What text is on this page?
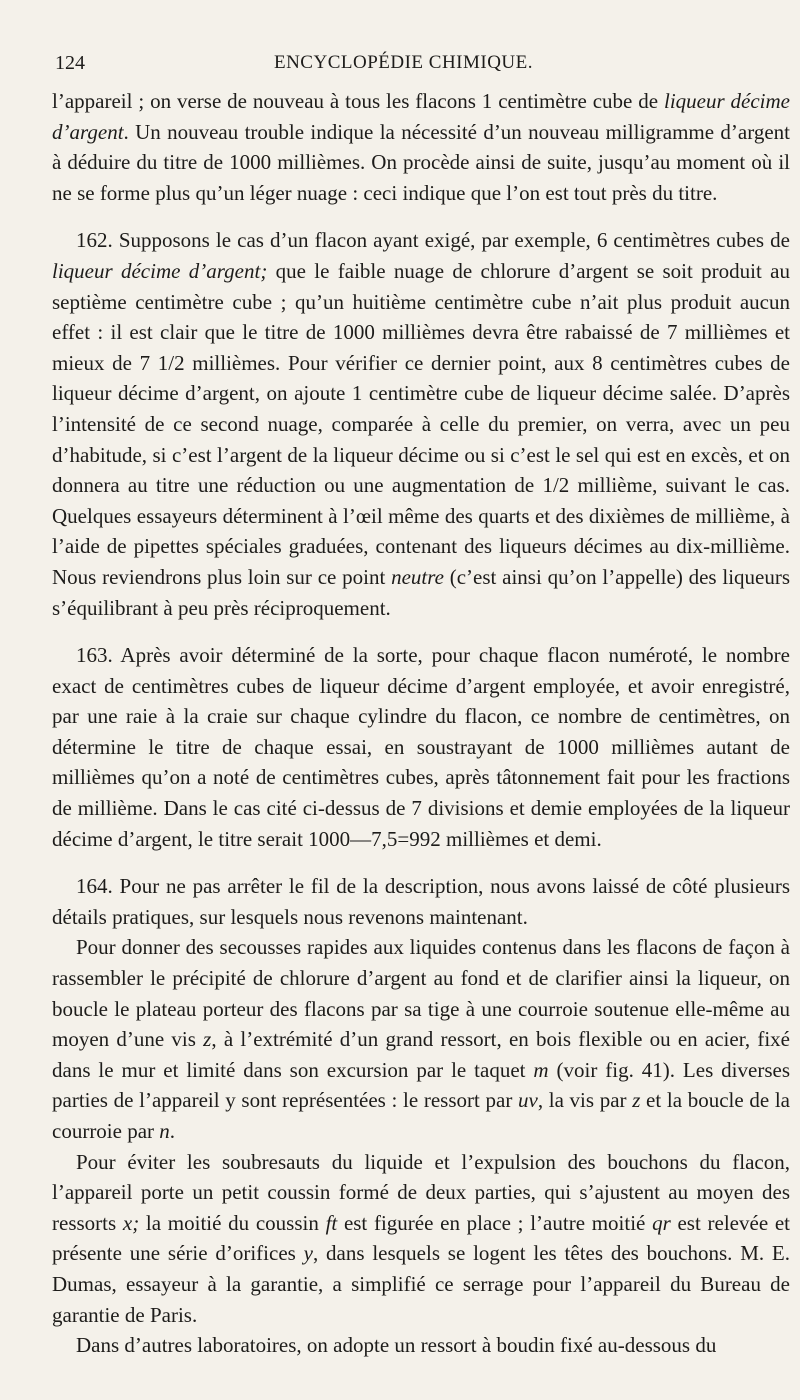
124	ENCYCLOPÉDIE CHIMIQUE.

l’appareil ; on verse de nouveau à tous les flacons 1 centimètre cube de liqueur décime d’argent. Un nouveau trouble indique la nécessité d’un nouveau milligramme d’argent à déduire du titre de 1000 millièmes. On procède ainsi de suite, jusqu’au moment où il ne se forme plus qu’un léger nuage : ceci indique que l’on est tout près du titre.

162. Supposons le cas d’un flacon ayant exigé, par exemple, 6 centimètres cubes de liqueur décime d’argent; que le faible nuage de chlorure d’argent se soit produit au septième centimètre cube ; qu’un huitième centimètre cube n’ait plus produit aucun effet : il est clair que le titre de 1000 millièmes devra être rabaissé de 7 millièmes et mieux de 7 1/2 millièmes. Pour vérifier ce dernier point, aux 8 centimètres cubes de liqueur décime d’argent, on ajoute 1 centimètre cube de liqueur décime salée. D’après l’intensité de ce second nuage, comparée à celle du premier, on verra, avec un peu d’habitude, si c’est l’argent de la liqueur décime ou si c’est le sel qui est en excès, et on donnera au titre une réduction ou une augmentation de 1/2 millième, suivant le cas. Quelques essayeurs déterminent à l’œil même des quarts et des dixièmes de millième, à l’aide de pipettes spéciales graduées, contenant des liqueurs décimes au dix-millième. Nous reviendrons plus loin sur ce point neutre (c’est ainsi qu’on l’appelle) des liqueurs s’équilibrant à peu près réciproquement.

163. Après avoir déterminé de la sorte, pour chaque flacon numéroté, le nombre exact de centimètres cubes de liqueur décime d’argent employée, et avoir enregistré, par une raie à la craie sur chaque cylindre du flacon, ce nombre de centimètres, on détermine le titre de chaque essai, en soustrayant de 1000 millièmes autant de millièmes qu’on a noté de centimètres cubes, après tâtonnement fait pour les fractions de millième. Dans le cas cité ci-dessus de 7 divisions et demie employées de la liqueur décime d’argent, le titre serait 1000—7,5=992 millièmes et demi.

164. Pour ne pas arrêter le fil de la description, nous avons laissé de côté plusieurs détails pratiques, sur lesquels nous revenons maintenant.

Pour donner des secousses rapides aux liquides contenus dans les flacons de façon à rassembler le précipité de chlorure d’argent au fond et de clarifier ainsi la liqueur, on boucle le plateau porteur des flacons par sa tige à une courroie soutenue elle-même au moyen d’une vis z, à l’extrémité d’un grand ressort, en bois flexible ou en acier, fixé dans le mur et limité dans son excursion par le taquet m (voir fig. 41). Les diverses parties de l’appareil y sont représentées : le ressort par uv, la vis par z et la boucle de la courroie par n.

Pour éviter les soubresauts du liquide et l’expulsion des bouchons du flacon, l’appareil porte un petit coussin formé de deux parties, qui s’ajustent au moyen des ressorts x; la moitié du coussin ft est figurée en place ; l’autre moitié qr est relevée et présente une série d’orifices y, dans lesquels se logent les têtes des bouchons. M. E. Dumas, essayeur à la garantie, a simplifié ce serrage pour l’appareil du Bureau de garantie de Paris.

Dans d’autres laboratoires, on adopte un ressort à boudin fixé au-dessous du
